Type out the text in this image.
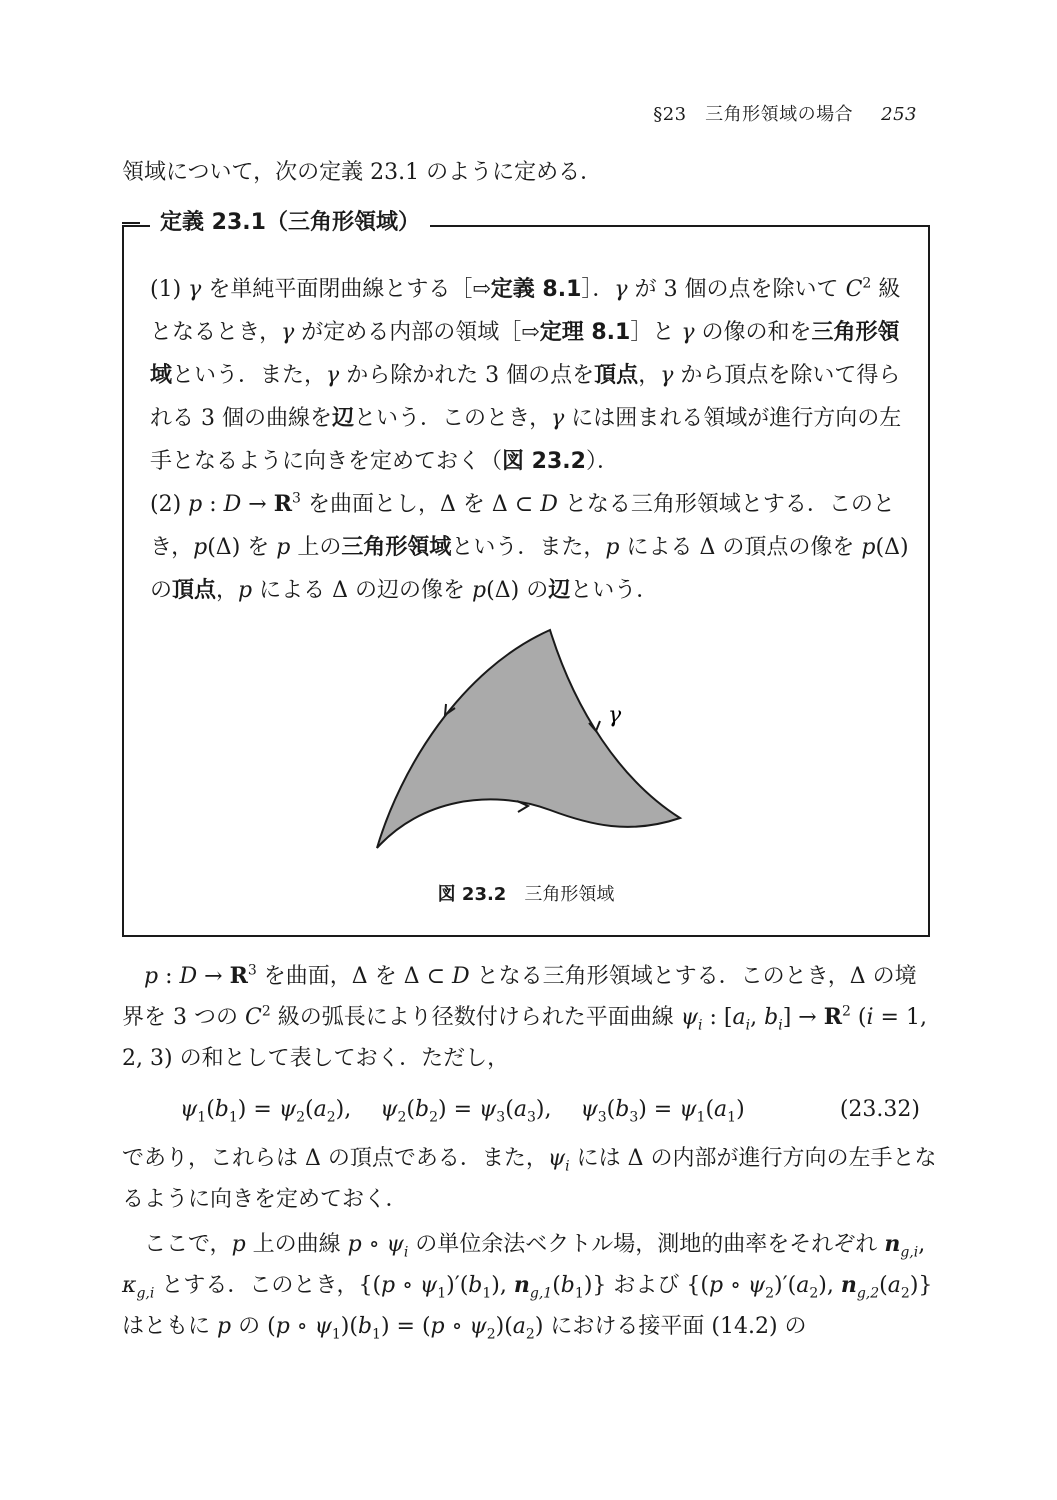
§23　三角形領域の場合 253

領域について，次の定義 23.1 のように定める．

定義 23.1（三角形領域）

(1) γ を単純平面閉曲線とする［⇨定義 8.1］．γ が 3 個の点を除いて $C^2$ 級となるとき，γ が定める内部の領域［⇨定理 8.1］と γ の像の和を三角形領域という．また，γ から除かれた 3 個の点を頂点，γ から頂点を除いて得られる 3 個の曲線を辺という．このとき，γ には囲まれる領域が進行方向の左手となるように向きを定めておく（図 23.2）．

(2) p : $D \to R^3$ を曲面とし，Δ を Δ ⊂ D となる三角形領域とする．このとき，p(Δ) を p 上の三角形領域という．また，p による Δ の頂点の像を p(Δ) の頂点，p による Δ の辺の像を p(Δ) の辺という．

γ
図 23.2　 三角形領域

p : $D \to R^3$ を曲面，Δ を Δ ⊂ D となる三角形領域とする．このとき，Δ の境界を 3 つの $C^2$ 級の弧長により径数付けられた平面曲線 $\psi_i$ : [$a_i$, $b_i] \to R^2$ (i = 1, 2, 3) の和として表しておく．ただし，

$\psi_1(b_1) = \psi_2(a_2)$,　 $\psi_2(b_2) = \psi_3(a_3)$,　 $\psi_3(b_3) = \psi_1(a_1)$	(23.32)

であり，これらは Δ の頂点である．また，$\psi_i$ には Δ の内部が進行方向の左手となるように向きを定めておく．

ここで，p 上の曲線 p ∘ $\psi_i$ の単位余法ベクトル場，測地的曲率をそれぞれ $n_{g,i}$, $\kappa_{g,i}$ とする．このとき，{(p ∘ $\psi_1)'(b_1)$, $n_{g,1}(b_1)$} および {(p ∘ $\psi_2)'(a_2)$, $n_{g,2}(a_2)$} はともに p の (p ∘ $\psi_1)(b_1) = (p$ ∘ $\psi_2)(a_2)$ における接平面 (14.2) の
